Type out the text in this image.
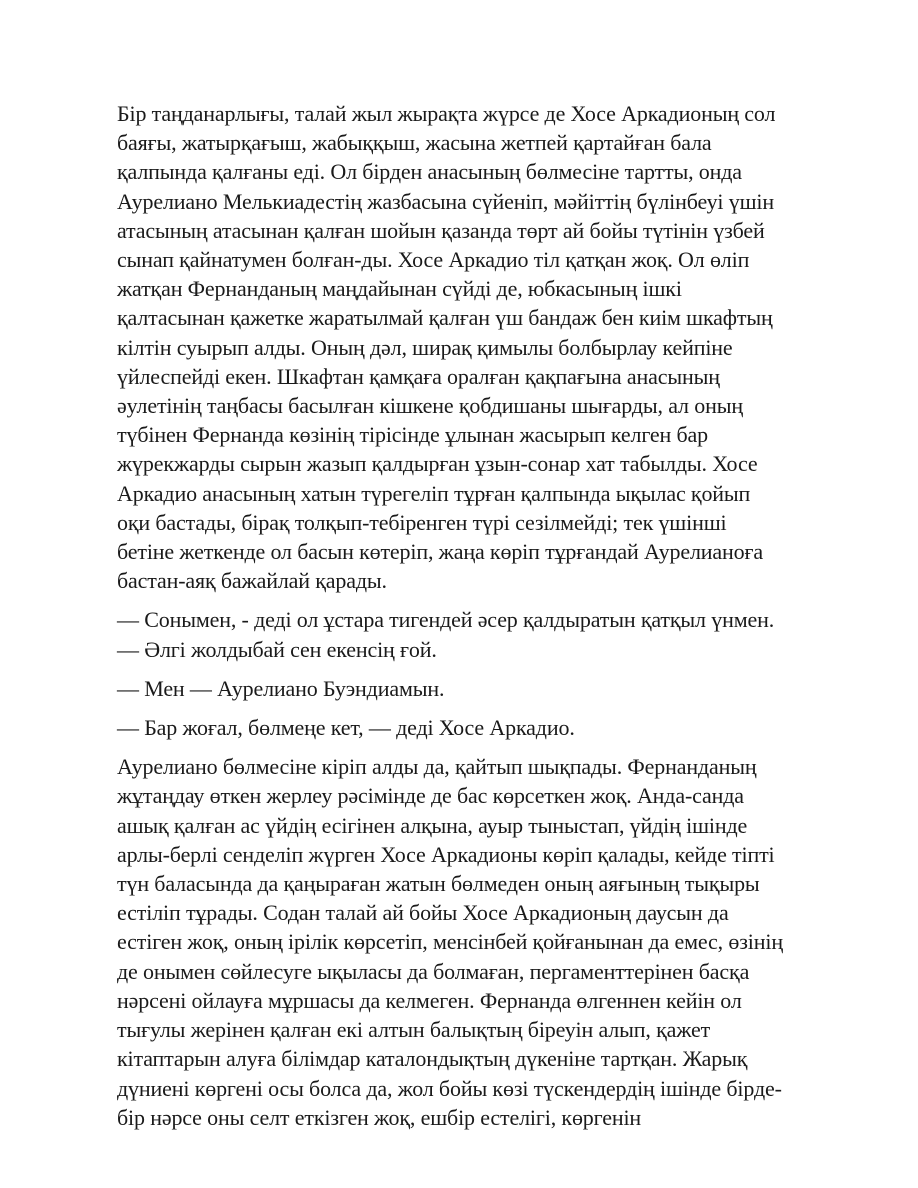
Бір таңданарлығы, талай жыл жырақта жүрсе де Хосе Аркадионың сол
баяғы, жатырқағыш, жабыққыш, жасына жетпей қартайған бала
қалпында қалғаны еді. Ол бірден анасының бөлмесіне тартты, онда
Аурелиано Мелькиадестің жазбасына сүйеніп, мәйіттің бүлінбеуі үшін
атасының атасынан қалған шойын қазанда төрт ай бойы түтінін үзбей
сынап қайнатумен болған-ды. Хосе Аркадио тіл қатқан жоқ. Ол өліп
жатқан Фернанданың маңдайынан сүйді де, юбкасының ішкі
қалтасынан қажетке жаратылмай қалған үш бандаж бен киім шкафтың
кілтін суырып алды. Оның дәл, ширақ қимылы болбырлау кейпіне
үйлеспейді екен. Шкафтан қамқаға оралған қақпағына анасының
әулетінің таңбасы басылған кішкене қобдишаны шығарды, ал оның
түбінен Фернанда көзінің тірісінде ұлынан жасырып келген бар
жүрекжарды сырын жазып қалдырған ұзын-сонар хат табылды. Хосе
Аркадио анасының хатын түрегеліп тұрған қалпында ықылас қойып
оқи бастады, бірақ толқып-тебіренген түрі сезілмейді; тек үшінші
бетіне жеткенде ол басын көтеріп, жаңа көріп тұрғандай Аурелианоға
бастан-аяқ бажайлай қарады.

— Сонымен, - деді ол ұстара тигендей әсер қалдыратын қатқыл үнмен.
— Әлгі жолдыбай сен екенсің ғой.

— Мен — Аурелиано Буэндиамын.

— Бар жоғал, бөлмеңе кет, — деді Хосе Аркадио.

Аурелиано бөлмесіне кіріп алды да, қайтып шықпады. Фернанданың
жұтаңдау өткен жерлеу рәсімінде де бас көрсеткен жоқ. Анда-санда
ашық қалған ас үйдің есігінен алқына, ауыр тыныстап, үйдің ішінде
арлы-берлі сенделіп жүрген Хосе Аркадионы көріп қалады, кейде тіпті
түн баласында да қаңыраған жатын бөлмеден оның аяғының тықыры
естіліп тұрады. Содан талай ай бойы Хосе Аркадионың даусын да
естіген жоқ, оның ірілік көрсетіп, менсінбей қойғанынан да емес, өзінің
де онымен сөйлесуге ықыласы да болмаған, пергаменттерінен басқа
нәрсені ойлауға мұршасы да келмеген. Фернанда өлгеннен кейін ол
тығулы жерінен қалған екі алтын балықтың біреуін алып, қажет
кітаптарын алуға білімдар каталондықтың дүкеніне тартқан. Жарық
дүниені көргені осы болса да, жол бойы көзі түскендердің ішінде бірде-
бір нәрсе оны селт еткізген жоқ, ешбір естелігі, көргенін
